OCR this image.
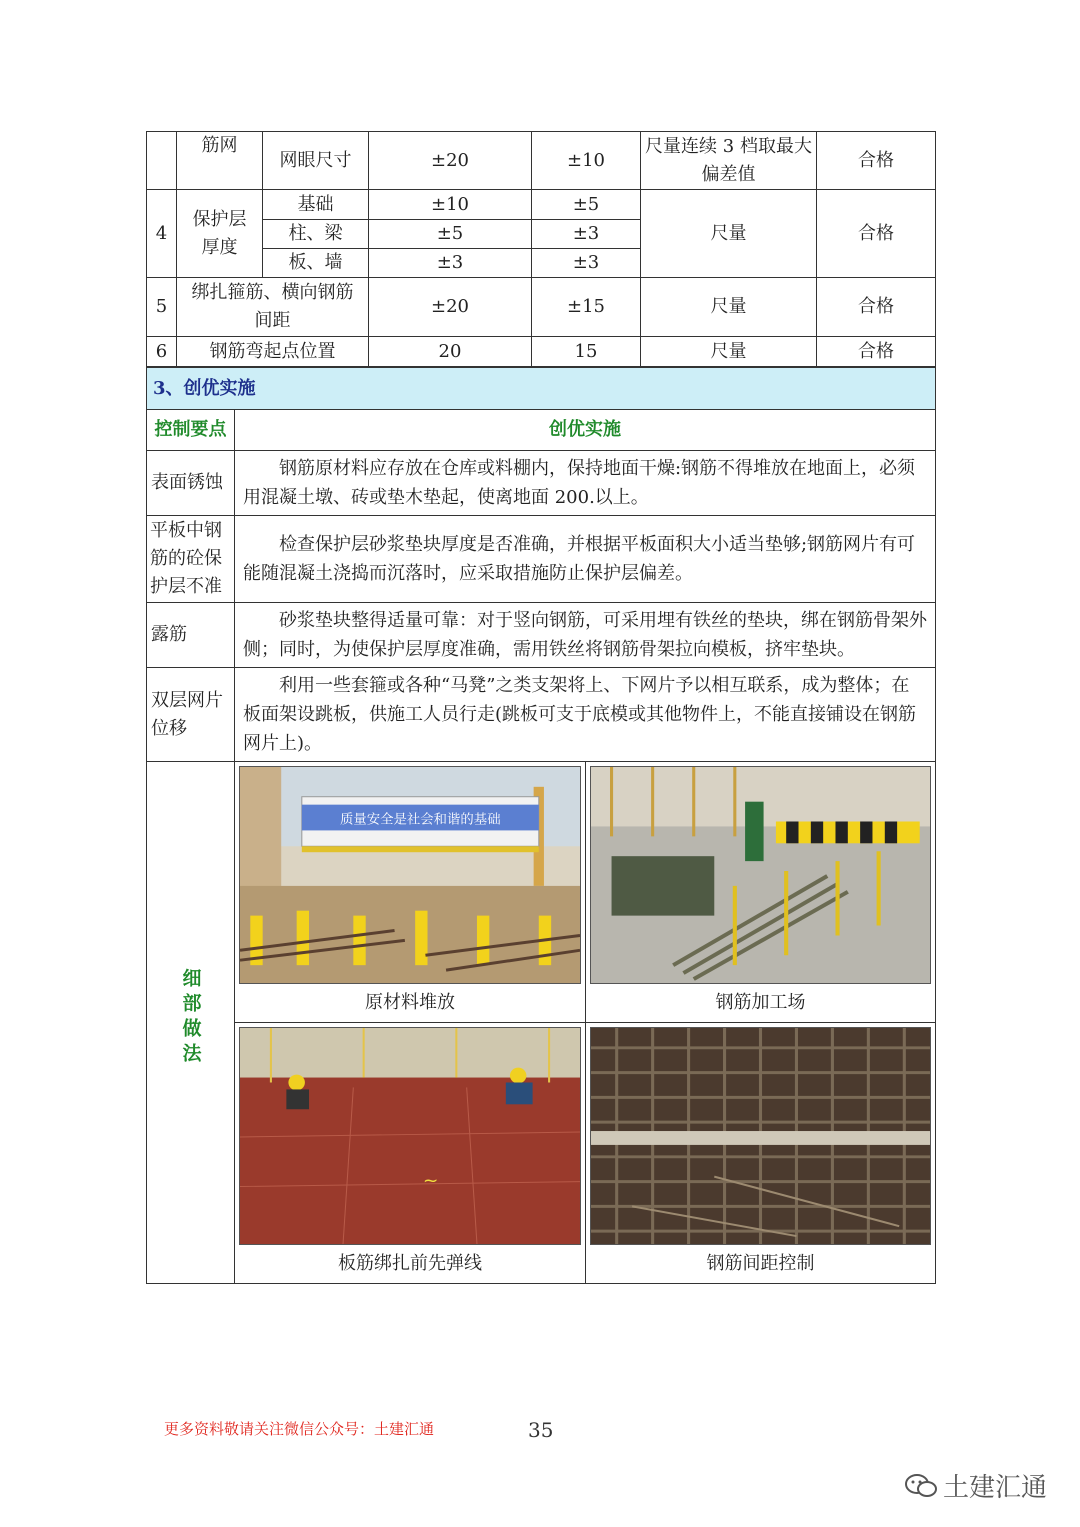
	筋网	网眼尺寸	±20	±10	尺量连续 3 档取最大偏差值	合格
4	保护层厚度	基础	±10	±5	尺量	合格
		柱、梁	±5	±3		
		板、墙	±3	±3		
5	绑扎箍筋、横向钢筋间距		±20	±15	尺量	合格
6	钢筋弯起点位置		20	15	尺量	合格
3、创优实施		
控制要点	创优实施	
表面锈蚀	钢筋原材料应存放在仓库或料棚内，保持地面干燥:钢筋不得堆放在地面上，必须用混凝土墩、砖或垫木垫起，使离地面 200.以上。	
平板中钢筋的砼保护层不准	检查保护层砂浆垫块厚度是否准确，并根据平板面积大小适当垫够;钢筋网片有可能随混凝土浇捣而沉落时，应采取措施防止保护层偏差。	
露筋	砂浆垫块整得适量可靠：对于竖向钢筋，可采用埋有铁丝的垫块，绑在钢筋骨架外侧；同时，为使保护层厚度准确，需用铁丝将钢筋骨架拉向模板，挤牢垫块。	
双层网片位移	利用一些套箍或各种“马凳”之类支架将上、下网片予以相互联系，成为整体；在板面架设跳板，供施工人员行走(跳板可支于底模或其他物件上，不能直接铺设在钢筋网片上)。	
细部做法	质量安全是社会和谐的基础
原材料堆放	钢筋加工场

~
板筋绑扎前先弹线	钢筋间距控制
更多资料敬请关注微信公众号：土建汇通	35
土建汇通
